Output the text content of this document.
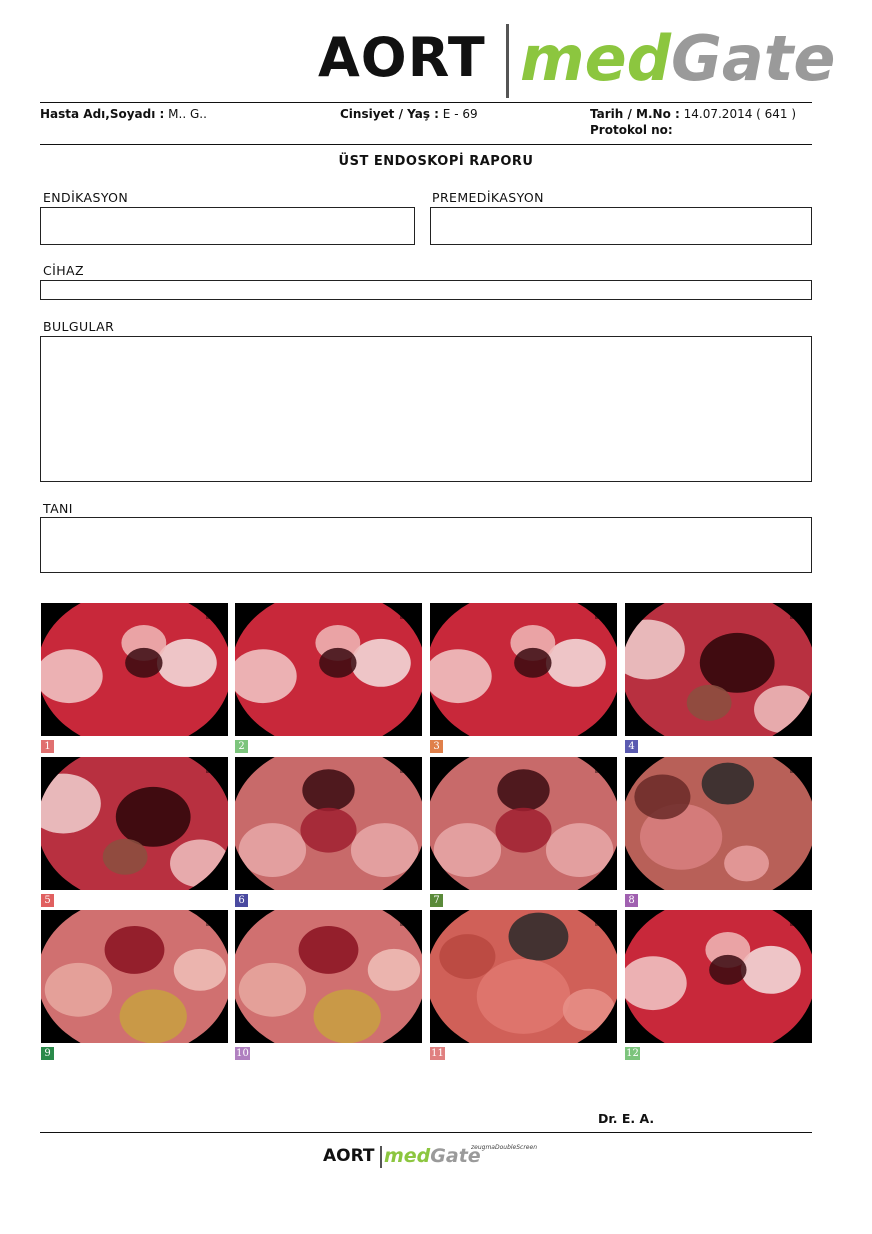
AORT medGate
Hasta Adı,Soyadı : M.. G..	Cinsiyet / Yaş : E - 69	Tarih / M.No : 14.07.2014 ( 641 )
Protokol no:
ÜST ENDOSKOPİ RAPORU
ENDİKASYON	PREMEDİKASYON
CİHAZ
BULGULAR
TANI
1	2	3	4
5	6	7	8
9	10	11	12
Dr. E. A.
AORT medGate
zeugmaDoubleScreen
